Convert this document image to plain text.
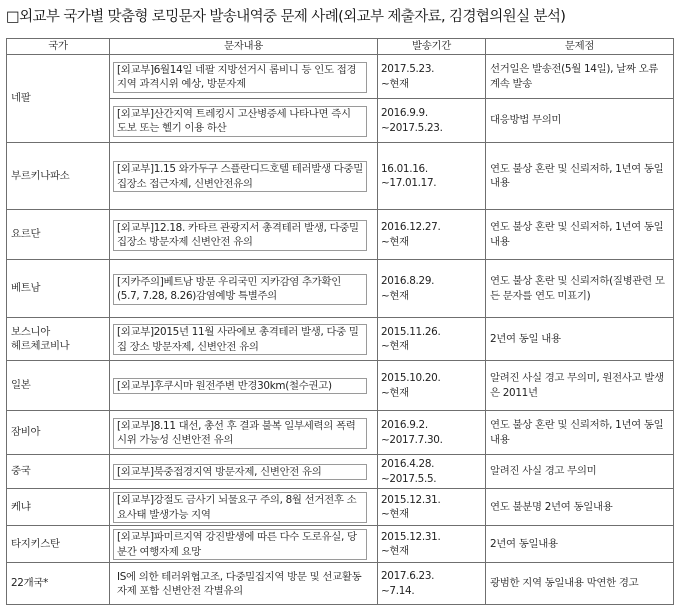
□외교부 국가별 맞춤형 로밍문자 발송내역중 문제 사례(외교부 제출자료, 김경협의원실 분석)
국가	문자내용	발송기간	문제점
네팔	[외교부]6월14일 네팔 지방선거시 롬비니 등 인도 접경지역 과격시위 예상, 방문자제	2017.5.23.
~현재	선거일은 발송전(5월 14일), 날짜 오류 계속 발송

	[외교부]산간지역 트레킹시 고산병증세 나타나면 즉시 도보 또는 헬기 이용 하산	2016.9.9.
~2017.5.23.	대응방법 무의미

부르키나파소	[외교부]1.15 와가두구 스플란디드호텔 테러발생 다중밀집장소 접근자제, 신변안전유의	16.01.16.
~17.01.17.	연도 불상 혼란 및 신뢰저하, 1년여 동일내용

요르단	[외교부]12.18. 카타르 관광지서 총격테러 발생, 다중밀집장소 방문자제 신변안전 유의	2016.12.27.
~현재	연도 불상 혼란 및 신뢰저하, 1년여 동일 내용

베트남	[지카주의]베트남 방문 우리국민 지카감염 추가확인(5.7, 7.28, 8.26)감염예방 특별주의	2016.8.29.
~현재	연도 불상 혼란 및 신뢰저하(질병관련 모든 문자를 연도 미표기)

보스니아
헤르체코비나	[외교부]2015년 11월 사라에보 총격테러 발생, 다중 밀집 장소 방문자제, 신변안전 유의	2015.11.26.
~현재	2년여 동일 내용

일본	[외교부]후쿠시마 원전주변 반경30km(철수권고)	2015.10.20.
~현재	알려진 사실 경고 무의미, 원전사고 발생은 2011년

잠비아	[외교부]8.11 대선, 총선 후 결과 불복 일부세력의 폭력시위 가능성 신변안전 유의	2016.9.2.
~2017.7.30.	연도 불상 혼란 및 신뢰저하, 1년여 동일내용

중국	[외교부]북중접경지역 방문자제, 신변안전 유의	2016.4.28.
~2017.5.5.	알려진 사실 경고 무의미

케냐	[외교부]강절도 금사기 뇌물요구 주의, 8월 선거전후 소요사태 발생가능 지역	2015.12.31.
~현재	연도 불분명 2년여 동일내용

타지키스탄	[외교부]파미르지역 강진발생에 따른 다수 도로유실, 당분간 여행자제 요망	2015.12.31.
~현재	2년여 동일내용

22개국*	IS에 의한 테러위협고조, 다중밀집지역 방문 및 선교활동 자제 포함 신변안전 각별유의	2017.6.23.
~7.14.	광범한 지역 동일내용 막연한 경고
